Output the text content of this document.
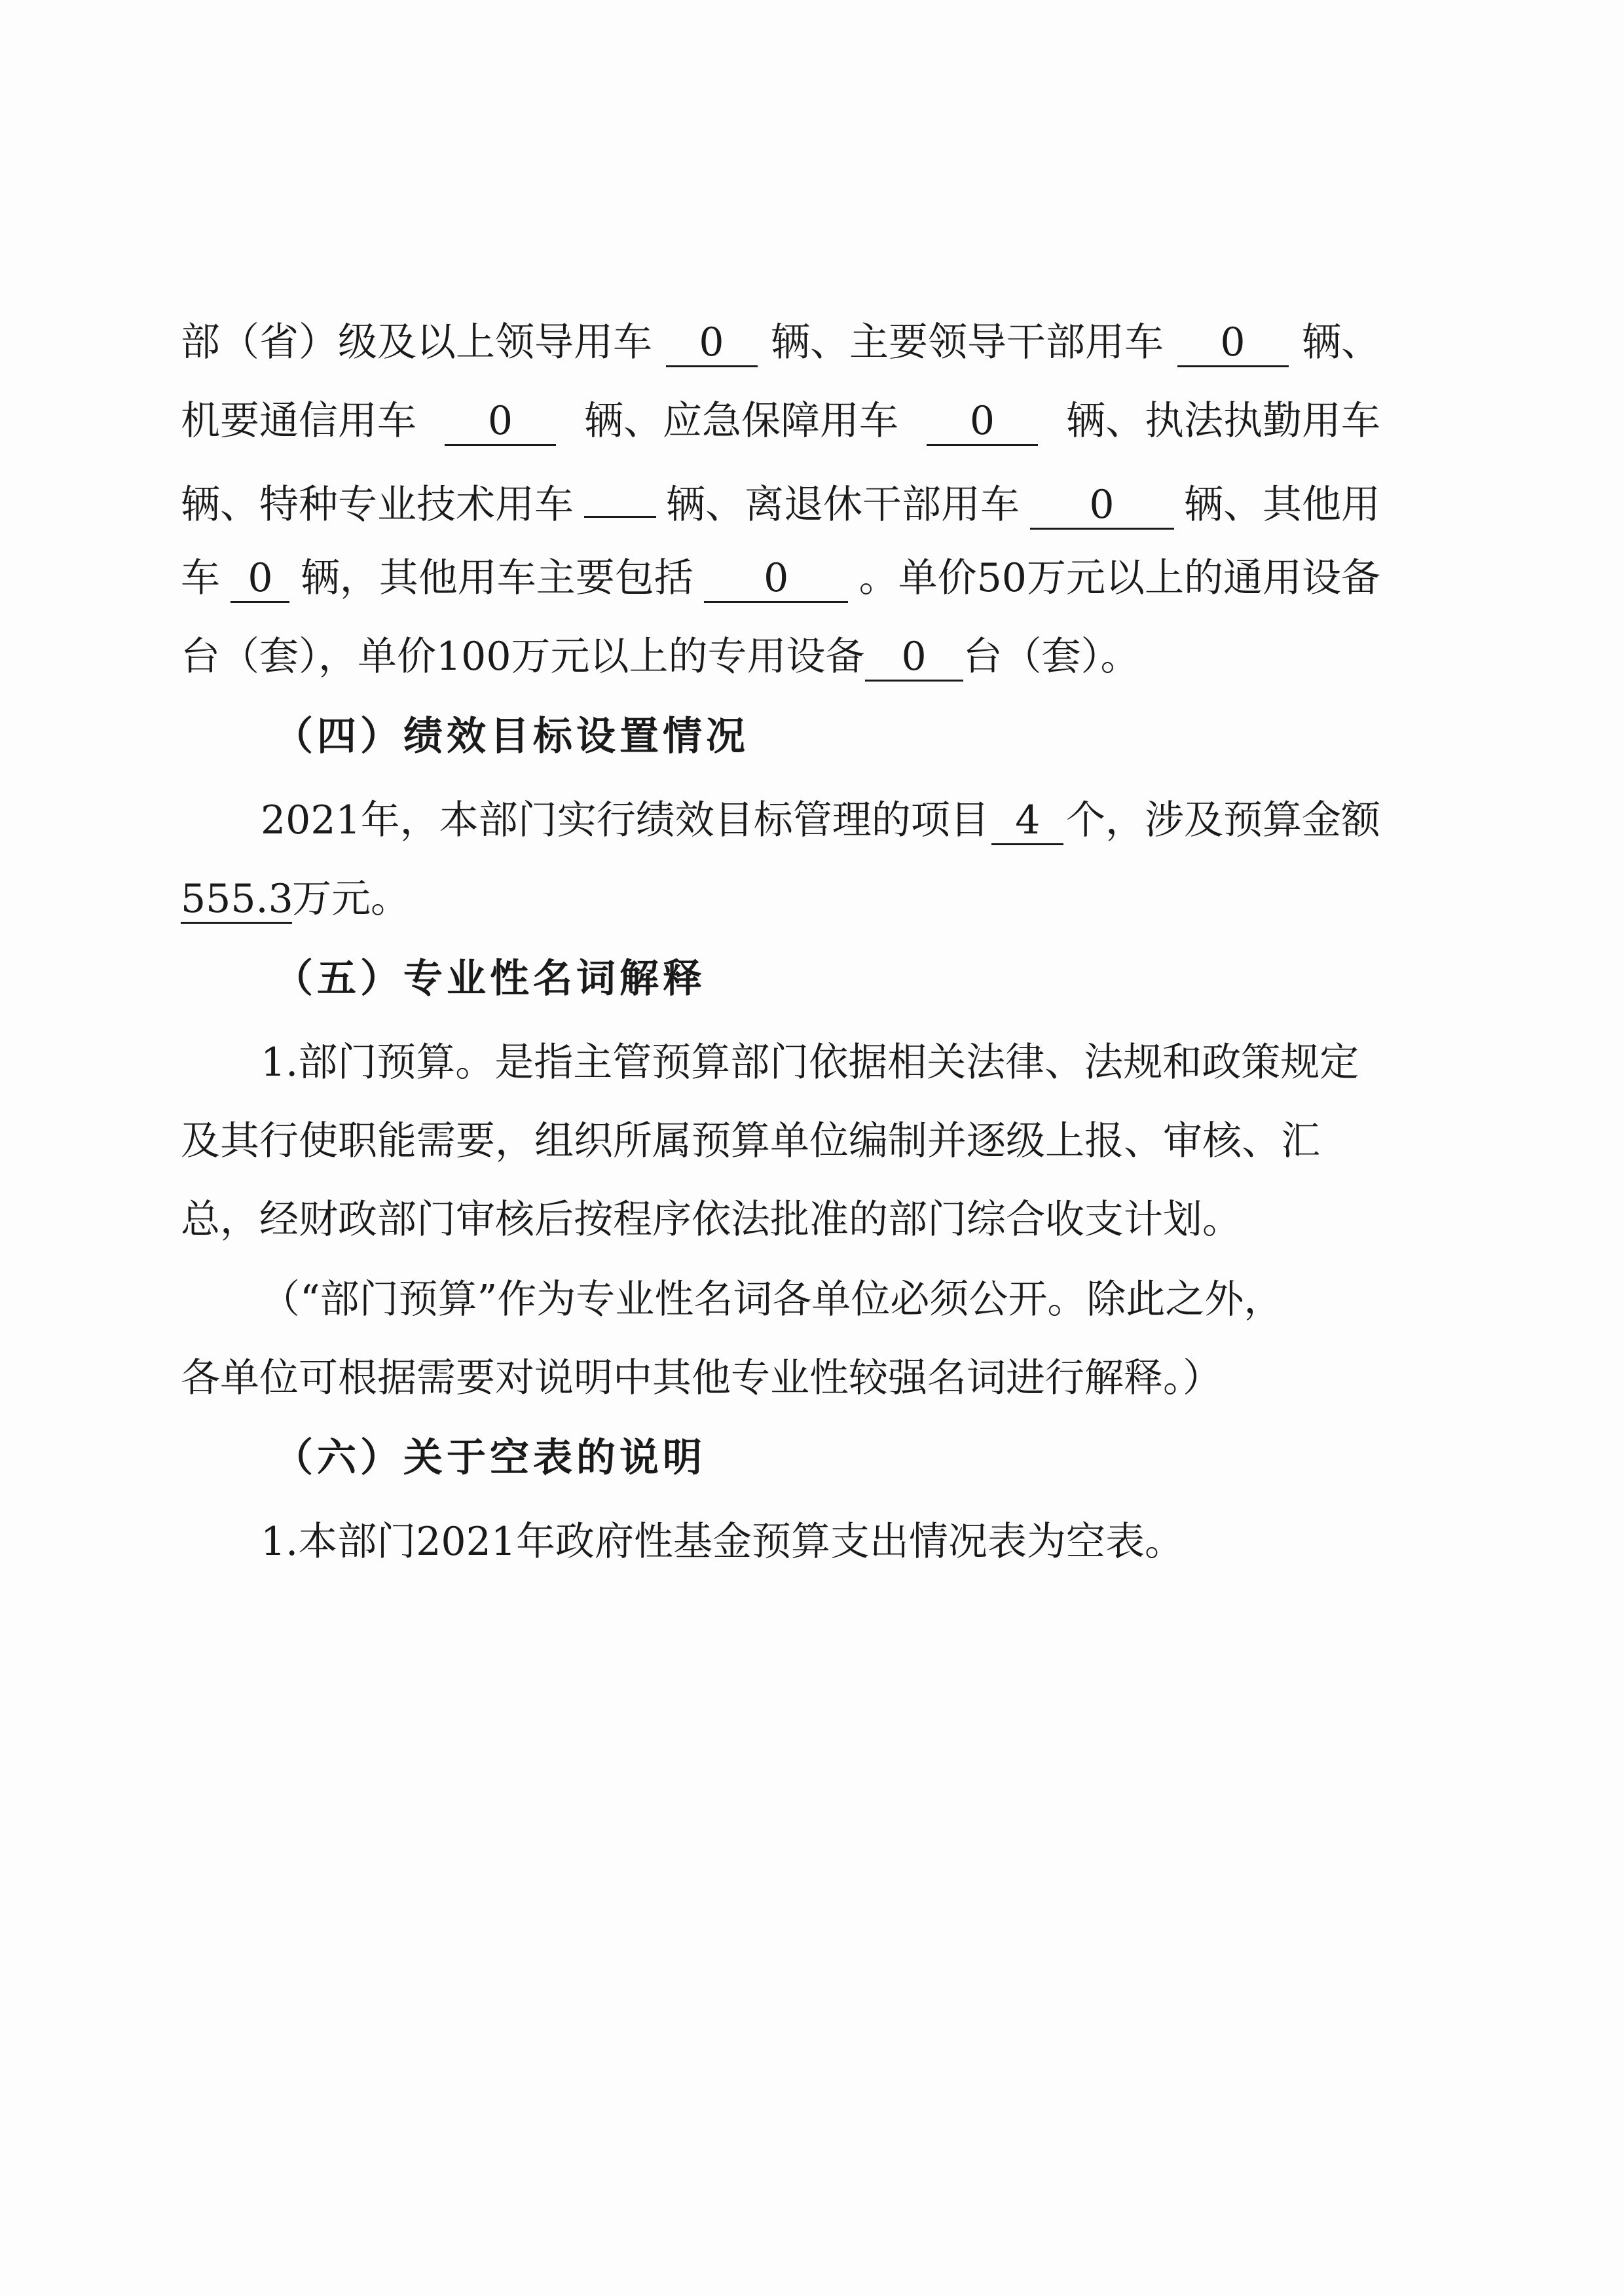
部（省）级及以上领导用车	0	辆、主要领导干部用车	0	辆、
机要通信用车	0	辆、应急保障用车	0	辆、执法执勤用车
辆、特种专业技术用车 辆、离退休干部用车	0	辆、其他用
车 0 辆，其他用车主要包括	0	。单价50万元以上的通用设备
台（套），单价100万元以上的专用设备 0 台（套）。
（四）绩效目标设置情况
2021年，本部门实行绩效目标管理的项目 4 个，涉及预算金额
555.3万元。
（五）专业性名词解释
1.部门预算。是指主管预算部门依据相关法律、法规和政策规定
及其行使职能需要，组织所属预算单位编制并逐级上报、审核、汇
总，经财政部门审核后按程序依法批准的部门综合收支计划。
（“部门预算”作为专业性名词各单位必须公开。除此之外，
各单位可根据需要对说明中其他专业性较强名词进行解释。）
（六）关于空表的说明
1.本部门2021年政府性基金预算支出情况表为空表。
